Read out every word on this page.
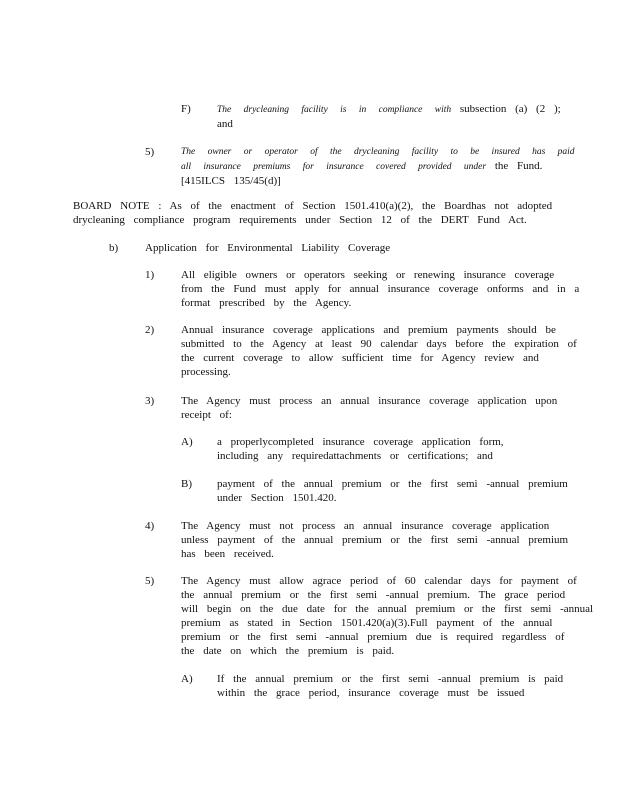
F)	The drycleaning facility is in compliance with subsection (a) (2 );
and
5)	The owner or operator of the drycleaning facility to be insured has paid
all insurance premiums for insurance covered provided under the Fund.
[415ILCS 135/45(d)]
BOARD NOTE : As of the enactment of Section 1501.410(a)(2), the Boardhas not adopted
drycleaning compliance program requirements under Section 12 of the DERT Fund Act.
b) Application for Environmental Liability Coverage
1) All eligible owners or operators seeking or renewing insurance coverage
from the Fund must apply for annual insurance coverage onforms and in a
format prescribed by the Agency.
2) Annual insurance coverage applications and premium payments should be
submitted to the Agency at least 90 calendar days before the expiration of
the current coverage to allow sufficient time for Agency review and
processing.
3) The Agency must process an annual insurance coverage application upon
receipt of:
A) a properlycompleted insurance coverage application form,
including any requiredattachments or certifications; and
B) payment of the annual premium or the first semi -annual premium
under Section 1501.420.
4) The Agency must not process an annual insurance coverage application
unless payment of the annual premium or the first semi -annual premium
has been received.
5) The Agency must allow agrace period of 60 calendar days for payment of
the annual premium or the first semi -annual premium. The grace period
will begin on the due date for the annual premium or the first semi -annual
premium as stated in Section 1501.420(a)(3).Full payment of the annual
premium or the first semi -annual premium due is required regardless of
the date on which the premium is paid.
A) If the annual premium or the first semi -annual premium is paid
within the grace period, insurance coverage must be issued
